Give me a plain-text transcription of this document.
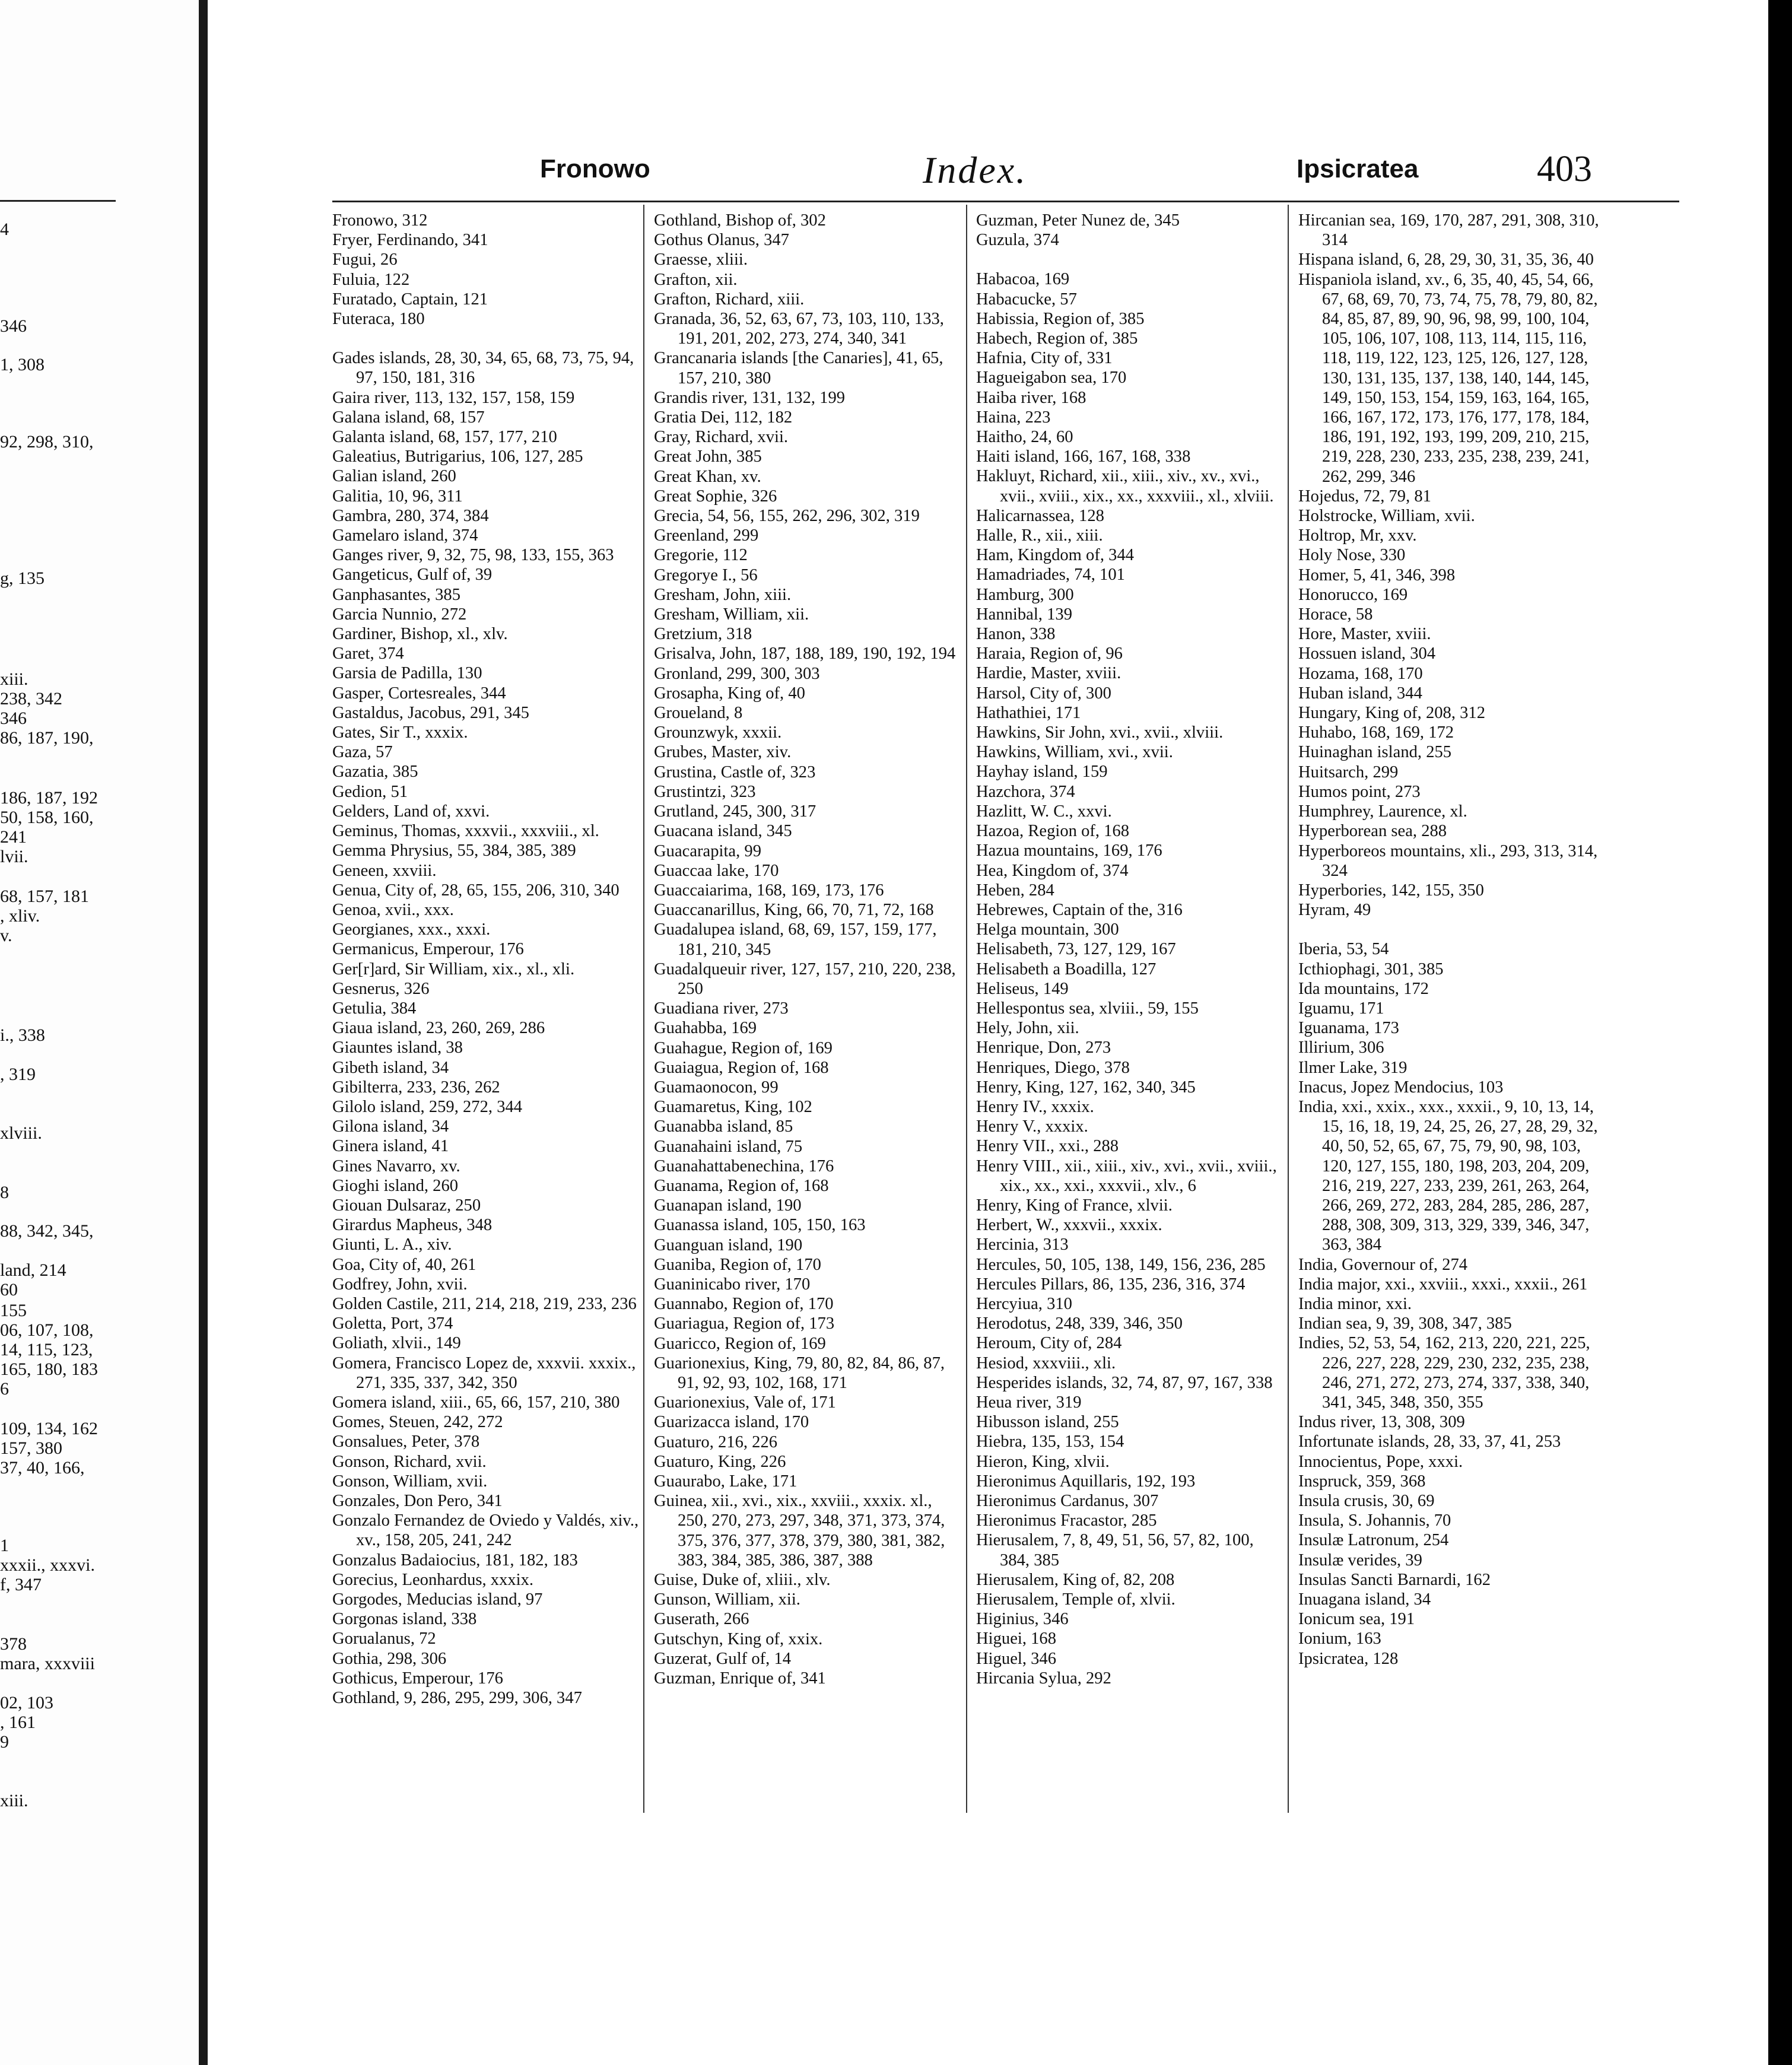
4
346
1, 308
92, 298, 310,
g, 135
xiii.
238, 342
346
86, 187, 190,
186, 187, 192
50, 158, 160,
241
lvii.
68, 157, 181
, xliv.
v.
i., 338
, 319
xlviii.
8
88, 342, 345,
land, 214
60
155
06, 107, 108,
14, 115, 123,
165, 180, 183
6
109, 134, 162
157, 380
37, 40, 166,
1
xxxii., xxxvi.
f, 347
378
mara, xxxviii
02, 103
, 161
9
xiii.
Fronowo	Index.	Ipsicratea	403
Fronowo, 312
Fryer, Ferdinando, 341
Fugui, 26
Fuluia, 122
Furatado, Captain, 121
Futeraca, 180
Gades islands, 28, 30, 34, 65, 68, 73, 75, 94, 97, 150, 181, 316
Gaira river, 113, 132, 157, 158, 159
Galana island, 68, 157
Galanta island, 68, 157, 177, 210
Galeatius, Butrigarius, 106, 127, 285
Galian island, 260
Galitia, 10, 96, 311
Gambra, 280, 374, 384
Gamelaro island, 374
Ganges river, 9, 32, 75, 98, 133, 155, 363
Gangeticus, Gulf of, 39
Ganphasantes, 385
Garcia Nunnio, 272
Gardiner, Bishop, xl., xlv.
Garet, 374
Garsia de Padilla, 130
Gasper, Cortesreales, 344
Gastaldus, Jacobus, 291, 345
Gates, Sir T., xxxix.
Gaza, 57
Gazatia, 385
Gedion, 51
Gelders, Land of, xxvi.
Geminus, Thomas, xxxvii., xxxviii., xl.
Gemma Phrysius, 55, 384, 385, 389
Geneen, xxviii.
Genua, City of, 28, 65, 155, 206, 310, 340
Genoa, xvii., xxx.
Georgianes, xxx., xxxi.
Germanicus, Emperour, 176
Ger[r]ard, Sir William, xix., xl., xli.
Gesnerus, 326
Getulia, 384
Giaua island, 23, 260, 269, 286
Giauntes island, 38
Gibeth island, 34
Gibilterra, 233, 236, 262
Gilolo island, 259, 272, 344
Gilona island, 34
Ginera island, 41
Gines Navarro, xv.
Gioghi island, 260
Giouan Dulsaraz, 250
Girardus Mapheus, 348
Giunti, L. A., xiv.
Goa, City of, 40, 261
Godfrey, John, xvii.
Golden Castile, 211, 214, 218, 219, 233, 236
Goletta, Port, 374
Goliath, xlvii., 149
Gomera, Francisco Lopez de, xxxvii. xxxix., 271, 335, 337, 342, 350
Gomera island, xiii., 65, 66, 157, 210, 380
Gomes, Steuen, 242, 272
Gonsalues, Peter, 378
Gonson, Richard, xvii.
Gonson, William, xvii.
Gonzales, Don Pero, 341
Gonzalo Fernandez de Oviedo y Valdés, xiv., xv., 158, 205, 241, 242
Gonzalus Badaiocius, 181, 182, 183
Gorecius, Leonhardus, xxxix.
Gorgodes, Meducias island, 97
Gorgonas island, 338
Gorualanus, 72
Gothia, 298, 306
Gothicus, Emperour, 176
Gothland, 9, 286, 295, 299, 306, 347
Gothland, Bishop of, 302
Gothus Olanus, 347
Graesse, xliii.
Grafton, xii.
Grafton, Richard, xiii.
Granada, 36, 52, 63, 67, 73, 103, 110, 133, 191, 201, 202, 273, 274, 340, 341
Grancanaria islands [the Canaries], 41, 65, 157, 210, 380
Grandis river, 131, 132, 199
Gratia Dei, 112, 182
Gray, Richard, xvii.
Great John, 385
Great Khan, xv.
Great Sophie, 326
Grecia, 54, 56, 155, 262, 296, 302, 319
Greenland, 299
Gregorie, 112
Gregorye I., 56
Gresham, John, xiii.
Gresham, William, xii.
Gretzium, 318
Grisalva, John, 187, 188, 189, 190, 192, 194
Gronland, 299, 300, 303
Grosapha, King of, 40
Groueland, 8
Grounzwyk, xxxii.
Grubes, Master, xiv.
Grustina, Castle of, 323
Grustintzi, 323
Grutland, 245, 300, 317
Guacana island, 345
Guacarapita, 99
Guaccaa lake, 170
Guaccaiarima, 168, 169, 173, 176
Guaccanarillus, King, 66, 70, 71, 72, 168
Guadalupea island, 68, 69, 157, 159, 177, 181, 210, 345
Guadalqueuir river, 127, 157, 210, 220, 238, 250
Guadiana river, 273
Guahabba, 169
Guahague, Region of, 169
Guaiagua, Region of, 168
Guamaonocon, 99
Guamaretus, King, 102
Guanabba island, 85
Guanahaini island, 75
Guanahattabenechina, 176
Guanama, Region of, 168
Guanapan island, 190
Guanassa island, 105, 150, 163
Guanguan island, 190
Guaniba, Region of, 170
Guaninicabo river, 170
Guannabo, Region of, 170
Guariagua, Region of, 173
Guaricco, Region of, 169
Guarionexius, King, 79, 80, 82, 84, 86, 87, 91, 92, 93, 102, 168, 171
Guarionexius, Vale of, 171
Guarizacca island, 170
Guaturo, 216, 226
Guaturo, King, 226
Guaurabo, Lake, 171
Guinea, xii., xvi., xix., xxviii., xxxix. xl., 250, 270, 273, 297, 348, 371, 373, 374, 375, 376, 377, 378, 379, 380, 381, 382, 383, 384, 385, 386, 387, 388
Guise, Duke of, xliii., xlv.
Gunson, William, xii.
Guserath, 266
Gutschyn, King of, xxix.
Guzerat, Gulf of, 14
Guzman, Enrique of, 341
Guzman, Peter Nunez de, 345
Guzula, 374
Habacoa, 169
Habacucke, 57
Habissia, Region of, 385
Habech, Region of, 385
Hafnia, City of, 331
Hagueigabon sea, 170
Haiba river, 168
Haina, 223
Haitho, 24, 60
Haiti island, 166, 167, 168, 338
Hakluyt, Richard, xii., xiii., xiv., xv., xvi., xvii., xviii., xix., xx., xxxviii., xl., xlviii.
Halicarnassea, 128
Halle, R., xii., xiii.
Ham, Kingdom of, 344
Hamadriades, 74, 101
Hamburg, 300
Hannibal, 139
Hanon, 338
Haraia, Region of, 96
Hardie, Master, xviii.
Harsol, City of, 300
Hathathiei, 171
Hawkins, Sir John, xvi., xvii., xlviii.
Hawkins, William, xvi., xvii.
Hayhay island, 159
Hazchora, 374
Hazlitt, W. C., xxvi.
Hazoa, Region of, 168
Hazua mountains, 169, 176
Hea, Kingdom of, 374
Heben, 284
Hebrewes, Captain of the, 316
Helga mountain, 300
Helisabeth, 73, 127, 129, 167
Helisabeth a Boadilla, 127
Heliseus, 149
Hellespontus sea, xlviii., 59, 155
Hely, John, xii.
Henrique, Don, 273
Henriques, Diego, 378
Henry, King, 127, 162, 340, 345
Henry IV., xxxix.
Henry V., xxxix.
Henry VII., xxi., 288
Henry VIII., xii., xiii., xiv., xvi., xvii., xviii., xix., xx., xxi., xxxvii., xlv., 6
Henry, King of France, xlvii.
Herbert, W., xxxvii., xxxix.
Hercinia, 313
Hercules, 50, 105, 138, 149, 156, 236, 285
Hercules Pillars, 86, 135, 236, 316, 374
Hercyiua, 310
Herodotus, 248, 339, 346, 350
Heroum, City of, 284
Hesiod, xxxviii., xli.
Hesperides islands, 32, 74, 87, 97, 167, 338
Heua river, 319
Hibusson island, 255
Hiebra, 135, 153, 154
Hieron, King, xlvii.
Hieronimus Aquillaris, 192, 193
Hieronimus Cardanus, 307
Hieronimus Fracastor, 285
Hierusalem, 7, 8, 49, 51, 56, 57, 82, 100, 384, 385
Hierusalem, King of, 82, 208
Hierusalem, Temple of, xlvii.
Higinius, 346
Higuei, 168
Higuel, 346
Hircania Sylua, 292
Hircanian sea, 169, 170, 287, 291, 308, 310, 314
Hispana island, 6, 28, 29, 30, 31, 35, 36, 40
Hispaniola island, xv., 6, 35, 40, 45, 54, 66, 67, 68, 69, 70, 73, 74, 75, 78, 79, 80, 82, 84, 85, 87, 89, 90, 96, 98, 99, 100, 104, 105, 106, 107, 108, 113, 114, 115, 116, 118, 119, 122, 123, 125, 126, 127, 128, 130, 131, 135, 137, 138, 140, 144, 145, 149, 150, 153, 154, 159, 163, 164, 165, 166, 167, 172, 173, 176, 177, 178, 184, 186, 191, 192, 193, 199, 209, 210, 215, 219, 228, 230, 233, 235, 238, 239, 241, 262, 299, 346
Hojedus, 72, 79, 81
Holstrocke, William, xvii.
Holtrop, Mr, xxv.
Holy Nose, 330
Homer, 5, 41, 346, 398
Honorucco, 169
Horace, 58
Hore, Master, xviii.
Hossuen island, 304
Hozama, 168, 170
Huban island, 344
Hungary, King of, 208, 312
Huhabo, 168, 169, 172
Huinaghan island, 255
Huitsarch, 299
Humos point, 273
Humphrey, Laurence, xl.
Hyperborean sea, 288
Hyperboreos mountains, xli., 293, 313, 314, 324
Hyperbories, 142, 155, 350
Hyram, 49
Iberia, 53, 54
Icthiophagi, 301, 385
Ida mountains, 172
Iguamu, 171
Iguanama, 173
Illirium, 306
Ilmer Lake, 319
Inacus, Jopez Mendocius, 103
India, xxi., xxix., xxx., xxxii., 9, 10, 13, 14, 15, 16, 18, 19, 24, 25, 26, 27, 28, 29, 32, 40, 50, 52, 65, 67, 75, 79, 90, 98, 103, 120, 127, 155, 180, 198, 203, 204, 209, 216, 219, 227, 233, 239, 261, 263, 264, 266, 269, 272, 283, 284, 285, 286, 287, 288, 308, 309, 313, 329, 339, 346, 347, 363, 384
India, Governour of, 274
India major, xxi., xxviii., xxxi., xxxii., 261
India minor, xxi.
Indian sea, 9, 39, 308, 347, 385
Indies, 52, 53, 54, 162, 213, 220, 221, 225, 226, 227, 228, 229, 230, 232, 235, 238, 246, 271, 272, 273, 274, 337, 338, 340, 341, 345, 348, 350, 355
Indus river, 13, 308, 309
Infortunate islands, 28, 33, 37, 41, 253
Innocientus, Pope, xxxi.
Inspruck, 359, 368
Insula crusis, 30, 69
Insula, S. Johannis, 70
Insulæ Latronum, 254
Insulæ verides, 39
Insulas Sancti Barnardi, 162
Inuagana island, 34
Ionicum sea, 191
Ionium, 163
Ipsicratea, 128
